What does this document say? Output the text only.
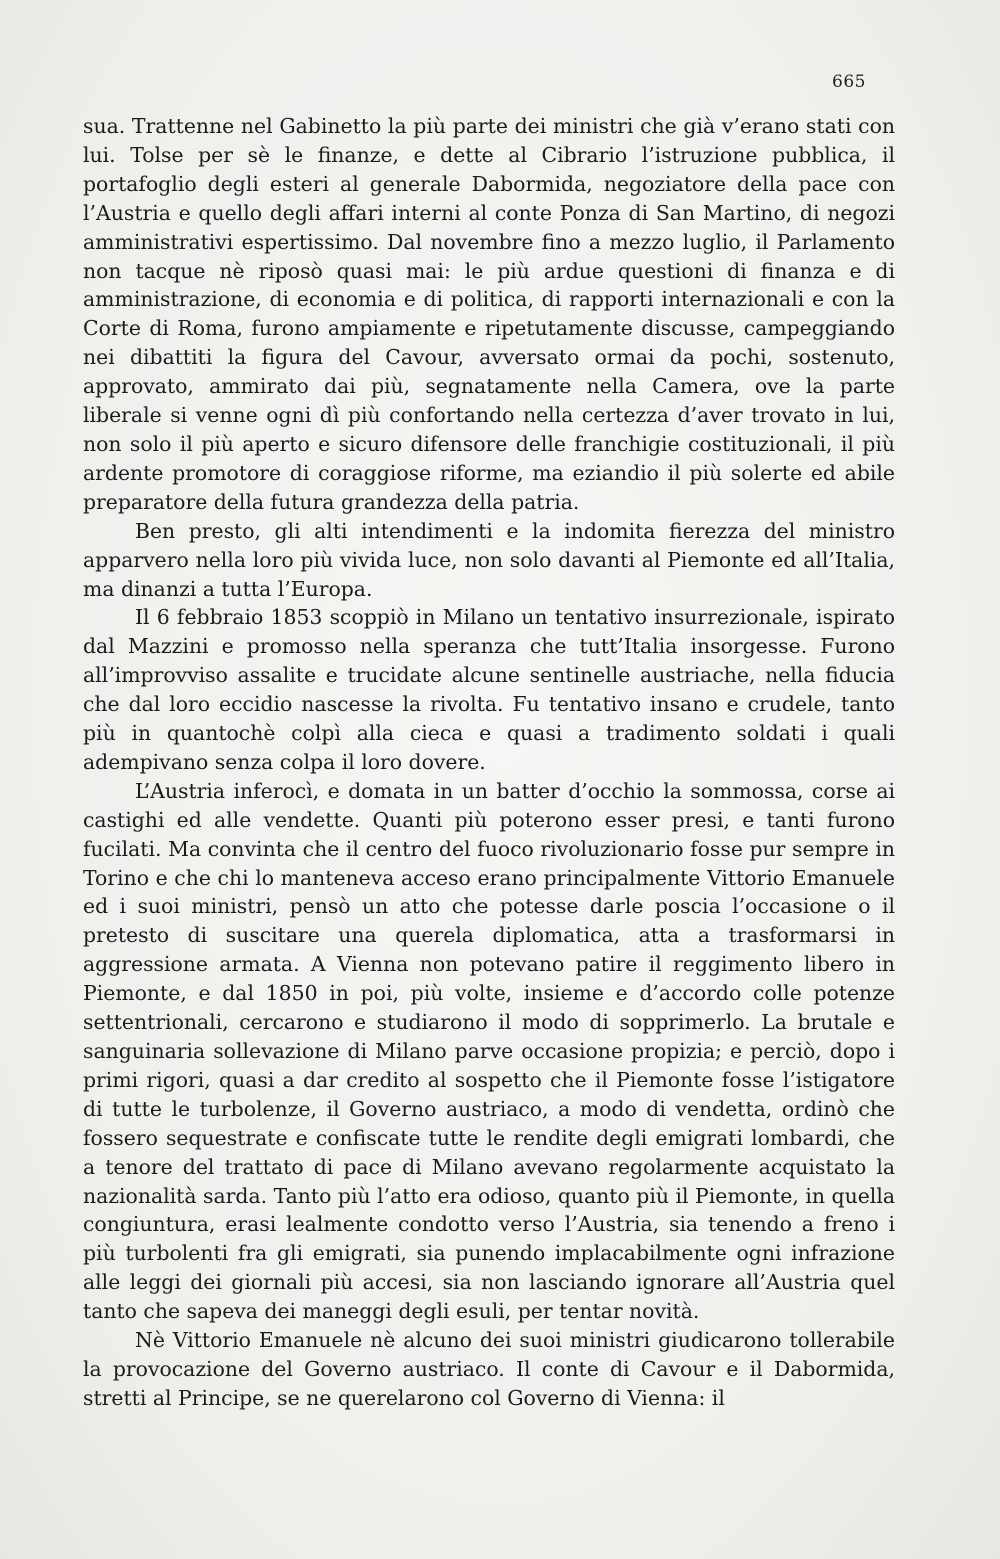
665

sua. Trattenne nel Gabinetto la più parte dei ministri che già v’erano stati con lui. Tolse per sè le finanze, e dette al Cibrario l’istruzione pubblica, il portafoglio degli esteri al generale Dabormida, negoziatore della pace con l’Austria e quello degli affari interni al conte Ponza di San Martino, di negozi amministrativi espertissimo. Dal novembre fino a mezzo luglio, il Parlamento non tacque nè riposò quasi mai: le più ardue questioni di finanza e di amministrazione, di economia e di politica, di rapporti internazionali e con la Corte di Roma, furono ampiamente e ripetutamente discusse, campeggiando nei dibattiti la figura del Cavour, avversato ormai da pochi, sostenuto, approvato, ammirato dai più, segnatamente nella Camera, ove la parte liberale si venne ogni dì più confortando nella certezza d’aver trovato in lui, non solo il più aperto e sicuro difensore delle franchigie costituzionali, il più ardente promotore di coraggiose riforme, ma eziandio il più solerte ed abile preparatore della futura grandezza della patria.

Ben presto, gli alti intendimenti e la indomita fierezza del ministro apparvero nella loro più vivida luce, non solo davanti al Piemonte ed all’Italia, ma dinanzi a tutta l’Europa.

Il 6 febbraio 1853 scoppiò in Milano un tentativo insurrezionale, ispirato dal Mazzini e promosso nella speranza che tutt’Italia insorgesse. Furono all’improvviso assalite e trucidate alcune sentinelle austriache, nella fiducia che dal loro eccidio nascesse la rivolta. Fu tentativo insano e crudele, tanto più in quantochè colpì alla cieca e quasi a tradimento soldati i quali adempivano senza colpa il loro dovere.

L’Austria inferocì, e domata in un batter d’occhio la sommossa, corse ai castighi ed alle vendette. Quanti più poterono esser presi, e tanti furono fucilati. Ma convinta che il centro del fuoco rivoluzionario fosse pur sempre in Torino e che chi lo manteneva acceso erano principalmente Vittorio Emanuele ed i suoi ministri, pensò un atto che potesse darle poscia l’occasione o il pretesto di suscitare una querela diplomatica, atta a trasformarsi in aggressione armata. A Vienna non potevano patire il reggimento libero in Piemonte, e dal 1850 in poi, più volte, insieme e d’accordo colle potenze settentrionali, cercarono e studiarono il modo di sopprimerlo. La brutale e sanguinaria sollevazione di Milano parve occasione propizia; e perciò, dopo i primi rigori, quasi a dar credito al sospetto che il Piemonte fosse l’istigatore di tutte le turbolenze, il Governo austriaco, a modo di vendetta, ordinò che fossero sequestrate e confiscate tutte le rendite degli emigrati lombardi, che a tenore del trattato di pace di Milano avevano regolarmente acquistato la nazionalità sarda. Tanto più l’atto era odioso, quanto più il Piemonte, in quella congiuntura, erasi lealmente condotto verso l’Austria, sia tenendo a freno i più turbolenti fra gli emigrati, sia punendo implacabilmente ogni infrazione alle leggi dei giornali più accesi, sia non lasciando ignorare all’Austria quel tanto che sapeva dei maneggi degli esuli, per tentar novità.

Nè Vittorio Emanuele nè alcuno dei suoi ministri giudicarono tollerabile la provocazione del Governo austriaco. Il conte di Cavour e il Dabormida, stretti al Principe, se ne querelarono col Governo di Vienna: il
